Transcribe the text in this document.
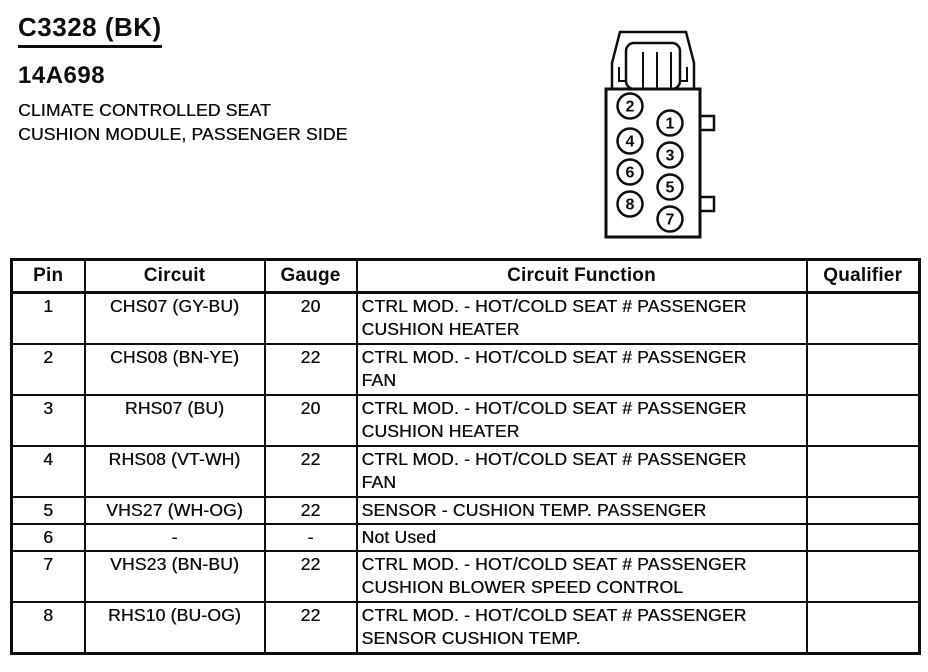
C3328 (BK)
14A698
CLIMATE CONTROLLED SEAT
CUSHION MODULE, PASSENGER SIDE
2
4
6
8
1
3
5
7
Pin	Circuit	Gauge	Circuit Function	Qualifier
1	CHS07 (GY-BU)	20	CTRL MOD. - HOT/COLD SEAT # PASSENGER
CUSHION HEATER	

2	CHS08 (BN-YE)	22	CTRL MOD. - HOT/COLD SEAT # PASSENGER
FAN	

3	RHS07 (BU)	20	CTRL MOD. - HOT/COLD SEAT # PASSENGER
CUSHION HEATER	

4	RHS08 (VT-WH)	22	CTRL MOD. - HOT/COLD SEAT # PASSENGER
FAN	

5	VHS27 (WH-OG)	22	SENSOR - CUSHION TEMP. PASSENGER	

6	-	-	Not Used	

7	VHS23 (BN-BU)	22	CTRL MOD. - HOT/COLD SEAT # PASSENGER
CUSHION BLOWER SPEED CONTROL	

8	RHS10 (BU-OG)	22	CTRL MOD. - HOT/COLD SEAT # PASSENGER
SENSOR CUSHION TEMP.	
